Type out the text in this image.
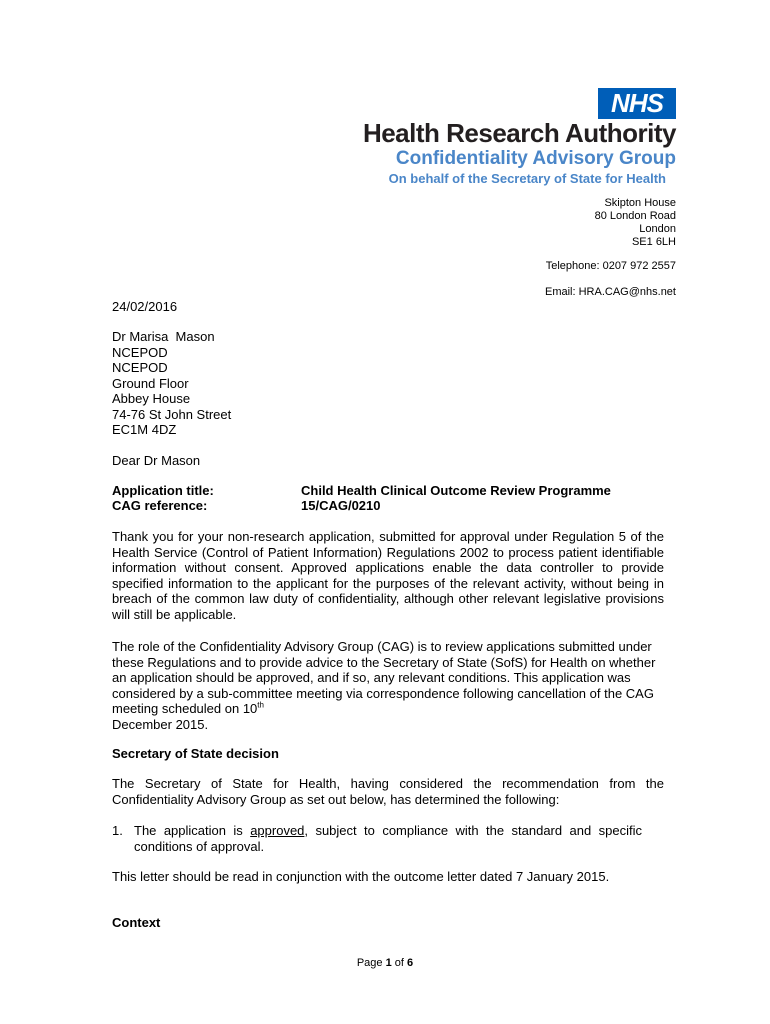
NHS
Health Research Authority
Confidentiality Advisory Group
On behalf of the Secretary of State for Health
Skipton House
80 London Road
London
SE1 6LH
Telephone: 0207 972 2557
Email: HRA.CAG@nhs.net
24/02/2016
Dr Marisa  Mason
NCEPOD
NCEPOD
Ground Floor
Abbey House
74-76 St John Street
EC1M 4DZ
Dear Dr Mason
Application title:	Child Health Clinical Outcome Review Programme
CAG reference:	15/CAG/0210
Thank you for your non-research application, submitted for approval under Regulation 5 of the Health Service (Control of Patient Information) Regulations 2002 to process patient identifiable information without consent. Approved applications enable the data controller to provide specified information to the applicant for the purposes of the relevant activity, without being in breach of the common law duty of confidentiality, although other relevant legislative provisions will still be applicable.
The role of the Confidentiality Advisory Group (CAG) is to review applications submitted under these Regulations and to provide advice to the Secretary of State (SofS) for Health on whether an application should be approved, and if so, any relevant conditions. This application was considered by a sub-committee meeting via correspondence following cancellation of the CAG meeting scheduled on 10th
December 2015.
Secretary of State decision
The Secretary of State for Health, having considered the recommendation from the Confidentiality Advisory Group as set out below, has determined the following:
1. The application is approved, subject to compliance with the standard and specific conditions of approval.
This letter should be read in conjunction with the outcome letter dated 7 January 2015.
Context
Page 1 of 6
